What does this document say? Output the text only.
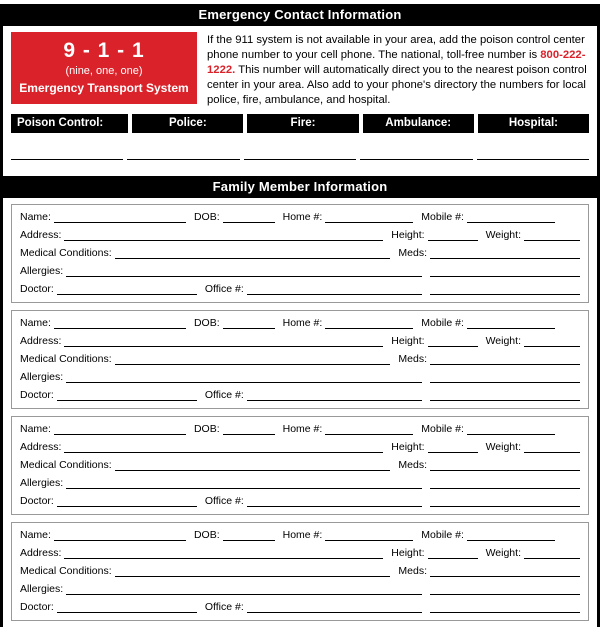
Emergency Contact Information
9 - 1 - 1
(nine, one, one)
Emergency Transport System
If the 911 system is not available in your area, add the poison control center phone number to your cell phone. The national, toll-free number is 800-222-1222. This number will automatically direct you to the nearest poison control center in your area. Also add to your phone's directory the numbers for local police, fire, ambulance, and hospital.
Poison Control:	Police:	Fire:	Ambulance:	Hospital:
Family Member Information
Name:	DOB:	Home #:	Mobile #:
Address:	Height:	Weight:
Medical Conditions:	Meds:
Allergies:
Doctor:	Office #:
Name:	DOB:	Home #:	Mobile #:
Address:	Height:	Weight:
Medical Conditions:	Meds:
Allergies:
Doctor:	Office #:
Name:	DOB:	Home #:	Mobile #:
Address:	Height:	Weight:
Medical Conditions:	Meds:
Allergies:
Doctor:	Office #:
Name:	DOB:	Home #:	Mobile #:
Address:	Height:	Weight:
Medical Conditions:	Meds:
Allergies:
Doctor:	Office #:
